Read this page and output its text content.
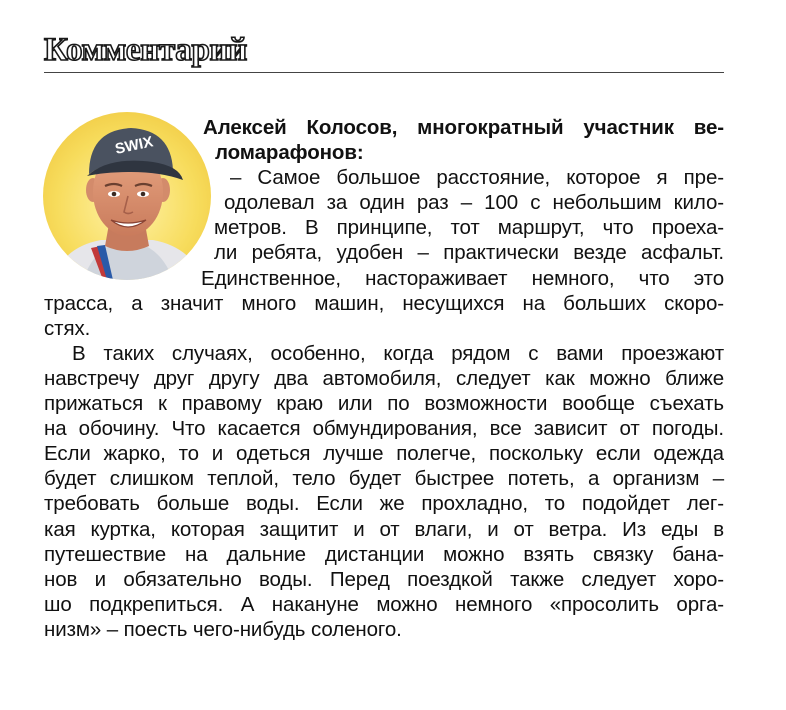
Комментарий
SWIX
Алексей Колосов, многократный участник ве-
ломарафонов:
– Самое большое расстояние, которое я пре-
одолевал за один раз – 100 с небольшим кило-
метров. В принципе, тот маршрут, что проеха-
ли ребята, удобен – практически везде асфальт.
Единственное, настораживает немного, что это
трасса, а значит много машин, несущихся на больших скоро-
стях.
В таких случаях, особенно, когда рядом с вами проезжают
навстречу друг другу два автомобиля, следует как можно ближе
прижаться к правому краю или по возможности вообще съехать
на обочину. Что касается обмундирования, все зависит от погоды.
Если жарко, то и одеться лучше полегче, поскольку если одежда
будет слишком теплой, тело будет быстрее потеть, а организм –
требовать больше воды. Если же прохладно, то подойдет лег-
кая куртка, которая защитит и от влаги, и от ветра. Из еды в
путешествие на дальние дистанции можно взять связку бана-
нов и обязательно воды. Перед поездкой также следует хоро-
шо подкрепиться. А накануне можно немного «просолить орга-
низм» – поесть чего-нибудь соленого.
